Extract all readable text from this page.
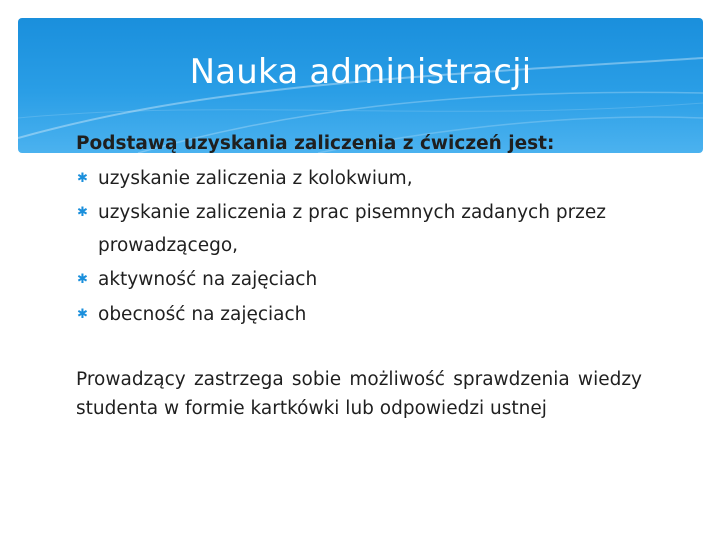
Nauka administracji
Podstawą uzyskania zaliczenia z ćwiczeń jest:
✱ uzyskanie zaliczenia z kolokwium,
✱ uzyskanie zaliczenia z prac pisemnych zadanych przez prowadzącego,
✱ aktywność na zajęciach
✱ obecność na zajęciach
Prowadzący zastrzega sobie możliwość sprawdzenia wiedzy studenta w formie kartkówki lub odpowiedzi ustnej
